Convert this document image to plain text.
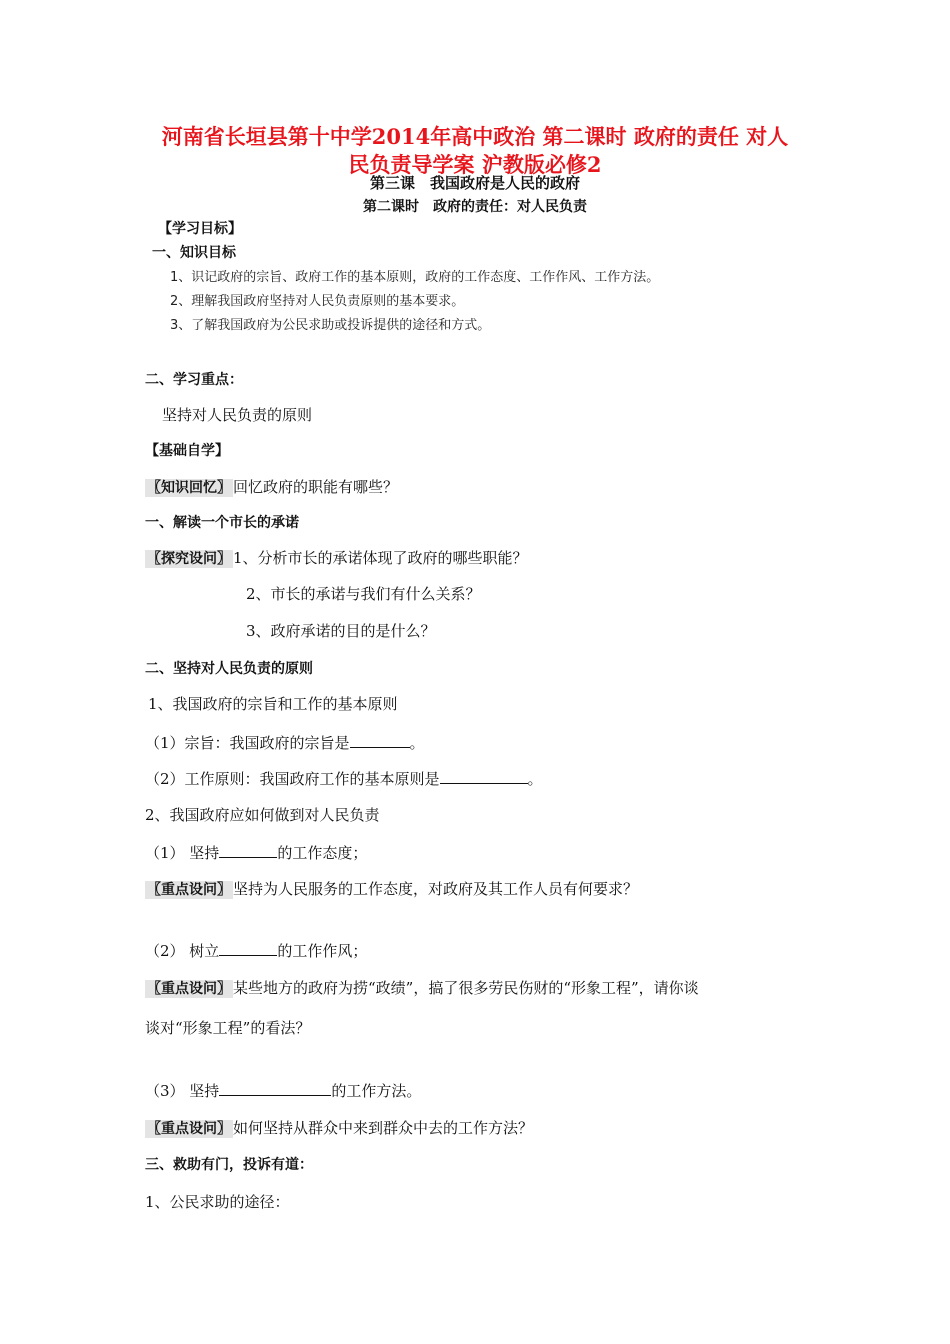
河南省长垣县第十中学2014年高中政治 第二课时 政府的责任 对人
民负责导学案 沪教版必修2
第三课　我国政府是人民的政府
第二课时　政府的责任：对人民负责
【学习目标】
一、知识目标
1、识记政府的宗旨、政府工作的基本原则，政府的工作态度、工作作风、工作方法。
2、理解我国政府坚持对人民负责原则的基本要求。
3、了解我国政府为公民求助或投诉提供的途径和方式。
二、学习重点：
坚持对人民负责的原则
【基础自学】
〖知识回忆〗 回忆政府的职能有哪些？
一、解读一个市长的承诺
〖探究设问〗 1、分析市长的承诺体现了政府的哪些职能？
2、市长的承诺与我们有什么关系？
3、政府承诺的目的是什么？
二、坚持对人民负责的原则
1、我国政府的宗旨和工作的基本原则
（1）宗旨：我国政府的宗旨是	。
（2）工作原则：我国政府工作的基本原则是	。
2、我国政府应如何做到对人民负责
（1） 坚持	的工作态度；
〖重点设问〗 坚持为人民服务的工作态度，对政府及其工作人员有何要求？
（2） 树立	的工作作风；
〖重点设问〗 某些地方的政府为捞“政绩”，搞了很多劳民伤财的“形象工程”，请你谈
谈对“形象工程”的看法？
（3） 坚持	的工作方法。
〖重点设问〗 如何坚持从群众中来到群众中去的工作方法？
三、救助有门，投诉有道：
1、公民求助的途径：
